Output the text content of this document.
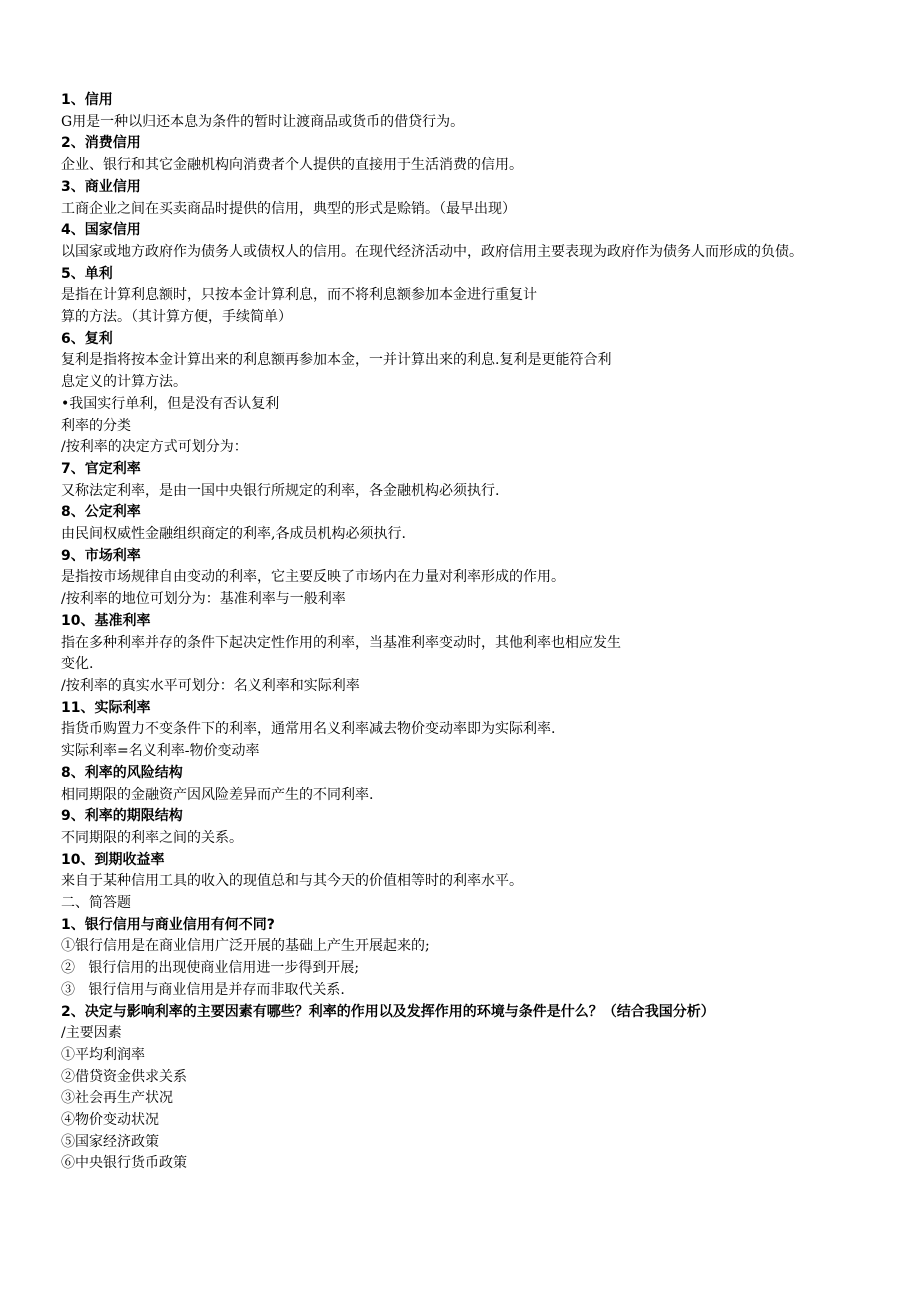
1、信用
G用是一种以归还本息为条件的暂时让渡商品或货币的借贷行为。
2、消费信用
企业、银行和其它金融机构向消费者个人提供的直接用于生活消费的信用。
3、商业信用
工商企业之间在买卖商品时提供的信用，典型的形式是赊销。（最早出现）
4、国家信用
以国家或地方政府作为债务人或债权人的信用。在现代经济活动中，政府信用主要表现为政府作为债务人而形成的负债。
5、单利
是指在计算利息额时，只按本金计算利息，而不将利息额参加本金进行重复计
算的方法。（其计算方便，手续简单）
6、复利
复利是指将按本金计算出来的利息额再参加本金，一并计算出来的利息.复利是更能符合利
息定义的计算方法。
•我国实行单利，但是没有否认复利
利率的分类
/按利率的决定方式可划分为：
7、官定利率
又称法定利率，是由一国中央银行所规定的利率，各金融机构必须执行.
8、公定利率
由民间权威性金融组织商定的利率,各成员机构必须执行.
9、市场利率
是指按市场规律自由变动的利率，它主要反映了市场内在力量对利率形成的作用。
/按利率的地位可划分为：基准利率与一般利率
10、基准利率
指在多种利率并存的条件下起决定性作用的利率，当基准利率变动时，其他利率也相应发生
变化.
/按利率的真实水平可划分：名义利率和实际利率
11、实际利率
指货币购置力不变条件下的利率，通常用名义利率减去物价变动率即为实际利率.
实际利率=名义利率-物价变动率
8、利率的风险结构
相同期限的金融资产因风险差异而产生的不同利率.
9、利率的期限结构
不同期限的利率之间的关系。
10、到期收益率
来自于某种信用工具的收入的现值总和与其今天的价值相等时的利率水平。
二、简答题
1、银行信用与商业信用有何不同?
①银行信用是在商业信用广泛开展的基础上产生开展起来的;
②   银行信用的出现使商业信用进一步得到开展;
③   银行信用与商业信用是并存而非取代关系.
2、决定与影响利率的主要因素有哪些？利率的作用以及发挥作用的环境与条件是什么？（结合我国分析）
/主要因素
①平均利润率
②借贷资金供求关系
③社会再生产状况
④物价变动状况
⑤国家经济政策
⑥中央银行货币政策
